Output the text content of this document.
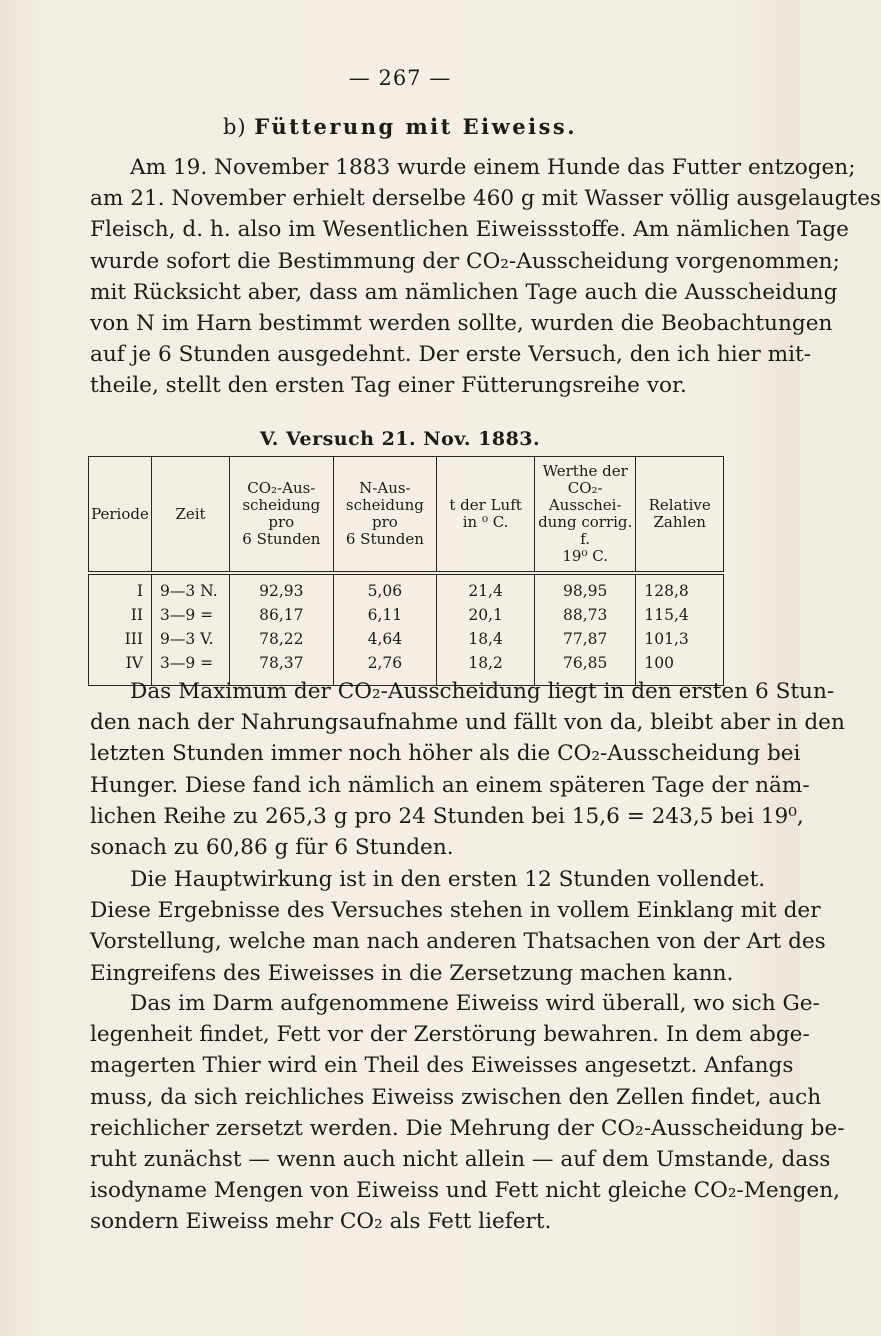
— 267 —
b) Fütterung mit Eiweiss.

Am 19. November 1883 wurde einem Hunde das Futter entzogen;
am 21. November erhielt derselbe 460 g mit Wasser völlig ausgelaugtes
Fleisch, d. h. also im Wesentlichen Eiweissstoffe. Am nämlichen Tage
wurde sofort die Bestimmung der CO₂-Ausscheidung vorgenommen;
mit Rücksicht aber, dass am nämlichen Tage auch die Ausscheidung
von N im Harn bestimmt werden sollte, wurden die Beobachtungen
auf je 6 Stunden ausgedehnt. Der erste Versuch, den ich hier mit-
theile, stellt den ersten Tag einer Fütterungsreihe vor.

V. Versuch 21. Nov. 1883.
Periode	Zeit	CO₂-Aus-
scheidung pro
6 Stunden	N-Aus-
scheidung pro
6 Stunden	t der Luft
in ⁰ C.	Werthe der
CO₂-Ausschei-
dung corrig. f.
19⁰ C.	Relative
Zahlen
I	9—3 N.	92,93	5,06	21,4	98,95	128,8
II	3—9 =	86,17	6,11	20,1	88,73	115,4
III	9—3 V.	78,22	4,64	18,4	77,87	101,3
IV	3—9 =	78,37	2,76	18,2	76,85	100

Das Maximum der CO₂-Ausscheidung liegt in den ersten 6 Stun-
den nach der Nahrungsaufnahme und fällt von da, bleibt aber in den
letzten Stunden immer noch höher als die CO₂-Ausscheidung bei
Hunger. Diese fand ich nämlich an einem späteren Tage der näm-
lichen Reihe zu 265,3 g pro 24 Stunden bei 15,6 = 243,5 bei 19⁰,
sonach zu 60,86 g für 6 Stunden.

Die Hauptwirkung ist in den ersten 12 Stunden vollendet.
Diese Ergebnisse des Versuches stehen in vollem Einklang mit der
Vorstellung, welche man nach anderen Thatsachen von der Art des
Eingreifens des Eiweisses in die Zersetzung machen kann.

Das im Darm aufgenommene Eiweiss wird überall, wo sich Ge-
legenheit findet, Fett vor der Zerstörung bewahren. In dem abge-
magerten Thier wird ein Theil des Eiweisses angesetzt. Anfangs
muss, da sich reichliches Eiweiss zwischen den Zellen findet, auch
reichlicher zersetzt werden. Die Mehrung der CO₂-Ausscheidung be-
ruht zunächst — wenn auch nicht allein — auf dem Umstande, dass
isodyname Mengen von Eiweiss und Fett nicht gleiche CO₂-Mengen,
sondern Eiweiss mehr CO₂ als Fett liefert.
